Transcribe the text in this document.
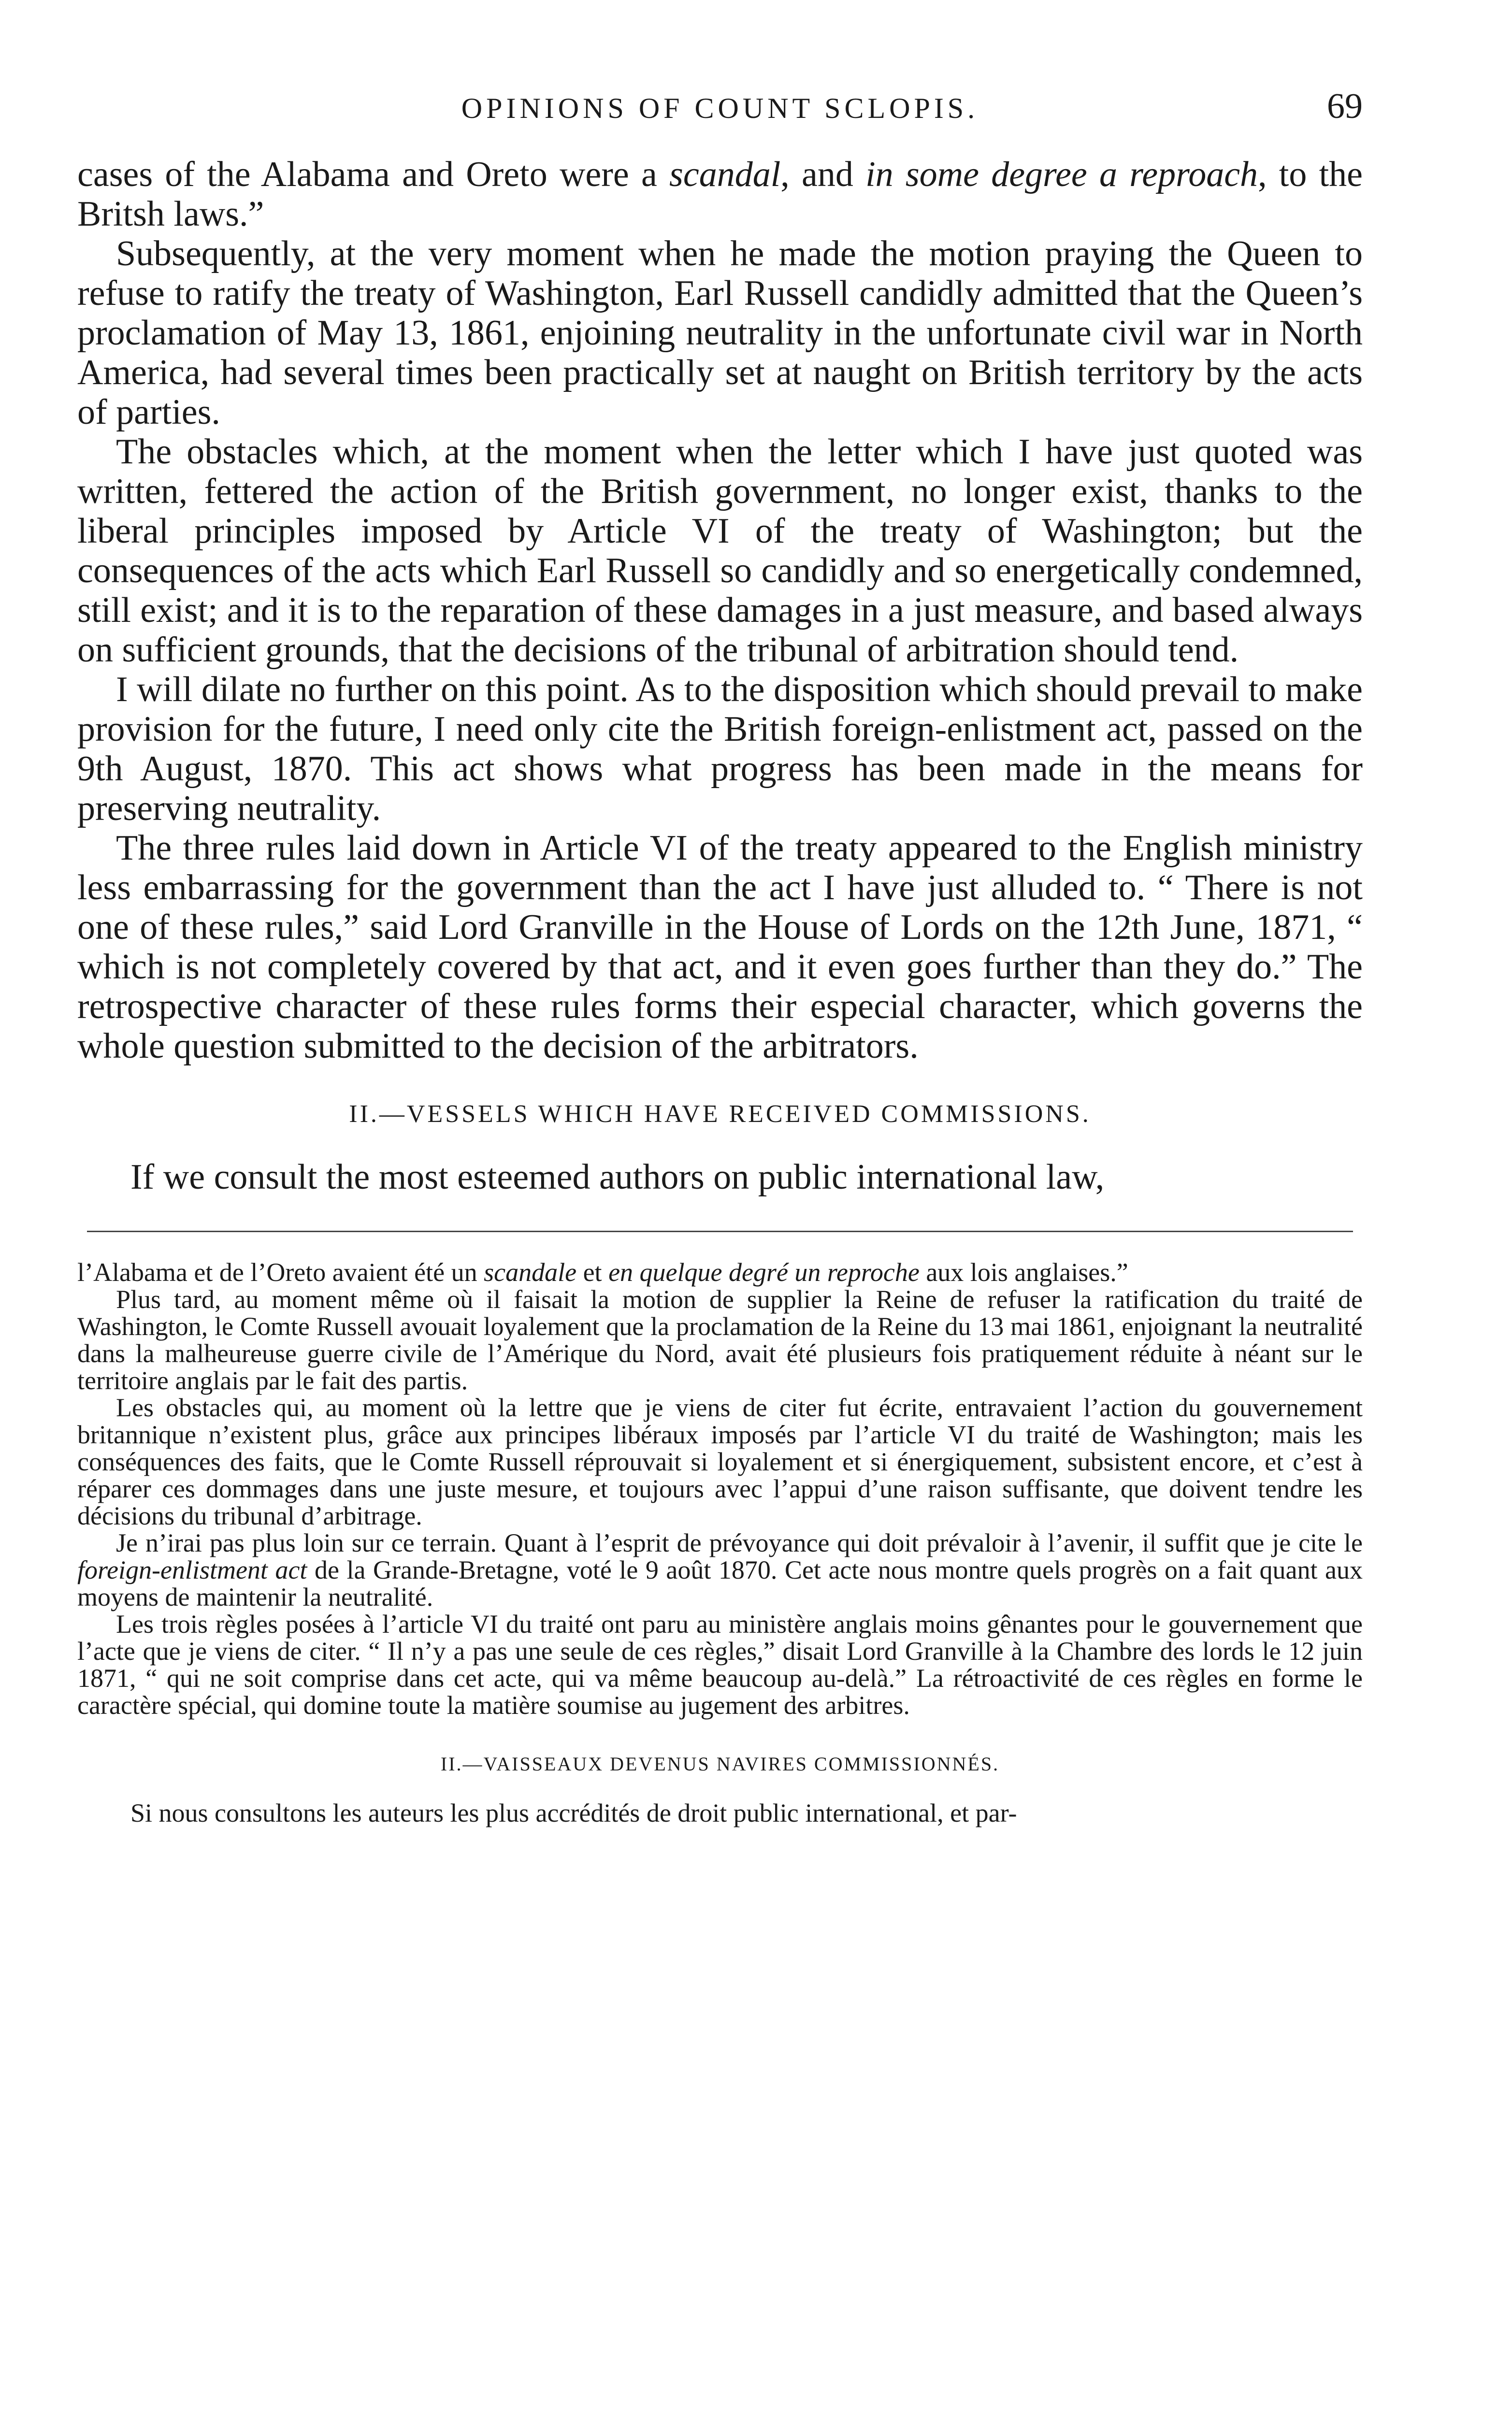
OPINIONS OF COUNT SCLOPIS.	69

cases of the Alabama and Oreto were a scandal, and in some degree a reproach, to the Britsh laws.”

Subsequently, at the very moment when he made the motion praying the Queen to refuse to ratify the treaty of Washington, Earl Russell candidly admitted that the Queen’s proclamation of May 13, 1861, enjoining neutrality in the unfortunate civil war in North America, had several times been practically set at naught on British territory by the acts of parties.

The obstacles which, at the moment when the letter which I have just quoted was written, fettered the action of the British government, no longer exist, thanks to the liberal principles imposed by Article VI of the treaty of Washington; but the consequences of the acts which Earl Russell so candidly and so energetically condemned, still exist; and it is to the reparation of these damages in a just measure, and based always on sufficient grounds, that the decisions of the tribunal of arbitration should tend.

I will dilate no further on this point. As to the disposition which should prevail to make provision for the future, I need only cite the British foreign-enlistment act, passed on the 9th August, 1870. This act shows what progress has been made in the means for preserving neutrality.

The three rules laid down in Article VI of the treaty appeared to the English ministry less embarrassing for the government than the act I have just alluded to. “ There is not one of these rules,” said Lord Granville in the House of Lords on the 12th June, 1871, “ which is not completely covered by that act, and it even goes further than they do.” The retrospective character of these rules forms their especial character, which governs the whole question submitted to the decision of the arbitrators.

II.—VESSELS WHICH HAVE RECEIVED COMMISSIONS.

If we consult the most esteemed authors on public international law,

l’Alabama et de l’Oreto avaient été un scandale et en quelque degré un reproche aux lois anglaises.”

Plus tard, au moment même où il faisait la motion de supplier la Reine de refuser la ratification du traité de Washington, le Comte Russell avouait loyalement que la proclamation de la Reine du 13 mai 1861, enjoignant la neutralité dans la malheureuse guerre civile de l’Amérique du Nord, avait été plusieurs fois pratiquement réduite à néant sur le territoire anglais par le fait des partis.

Les obstacles qui, au moment où la lettre que je viens de citer fut écrite, entravaient l’action du gouvernement britannique n’existent plus, grâce aux principes libéraux imposés par l’article VI du traité de Washington; mais les conséquences des faits, que le Comte Russell réprouvait si loyalement et si énergiquement, subsistent encore, et c’est à réparer ces dommages dans une juste mesure, et toujours avec l’appui d’une raison suffisante, que doivent tendre les décisions du tribunal d’arbitrage.

Je n’irai pas plus loin sur ce terrain. Quant à l’esprit de prévoyance qui doit prévaloir à l’avenir, il suffit que je cite le foreign-enlistment act de la Grande-Bretagne, voté le 9 août 1870. Cet acte nous montre quels progrès on a fait quant aux moyens de maintenir la neutralité.

Les trois règles posées à l’article VI du traité ont paru au ministère anglais moins gênantes pour le gouvernement que l’acte que je viens de citer. “ Il n’y a pas une seule de ces règles,” disait Lord Granville à la Chambre des lords le 12 juin 1871, “ qui ne soit comprise dans cet acte, qui va même beaucoup au-delà.” La rétroactivité de ces règles en forme le caractère spécial, qui domine toute la matière soumise au jugement des arbitres.

II.—VAISSEAUX DEVENUS NAVIRES COMMISSIONNÉS.

Si nous consultons les auteurs les plus accrédités de droit public international, et par-
